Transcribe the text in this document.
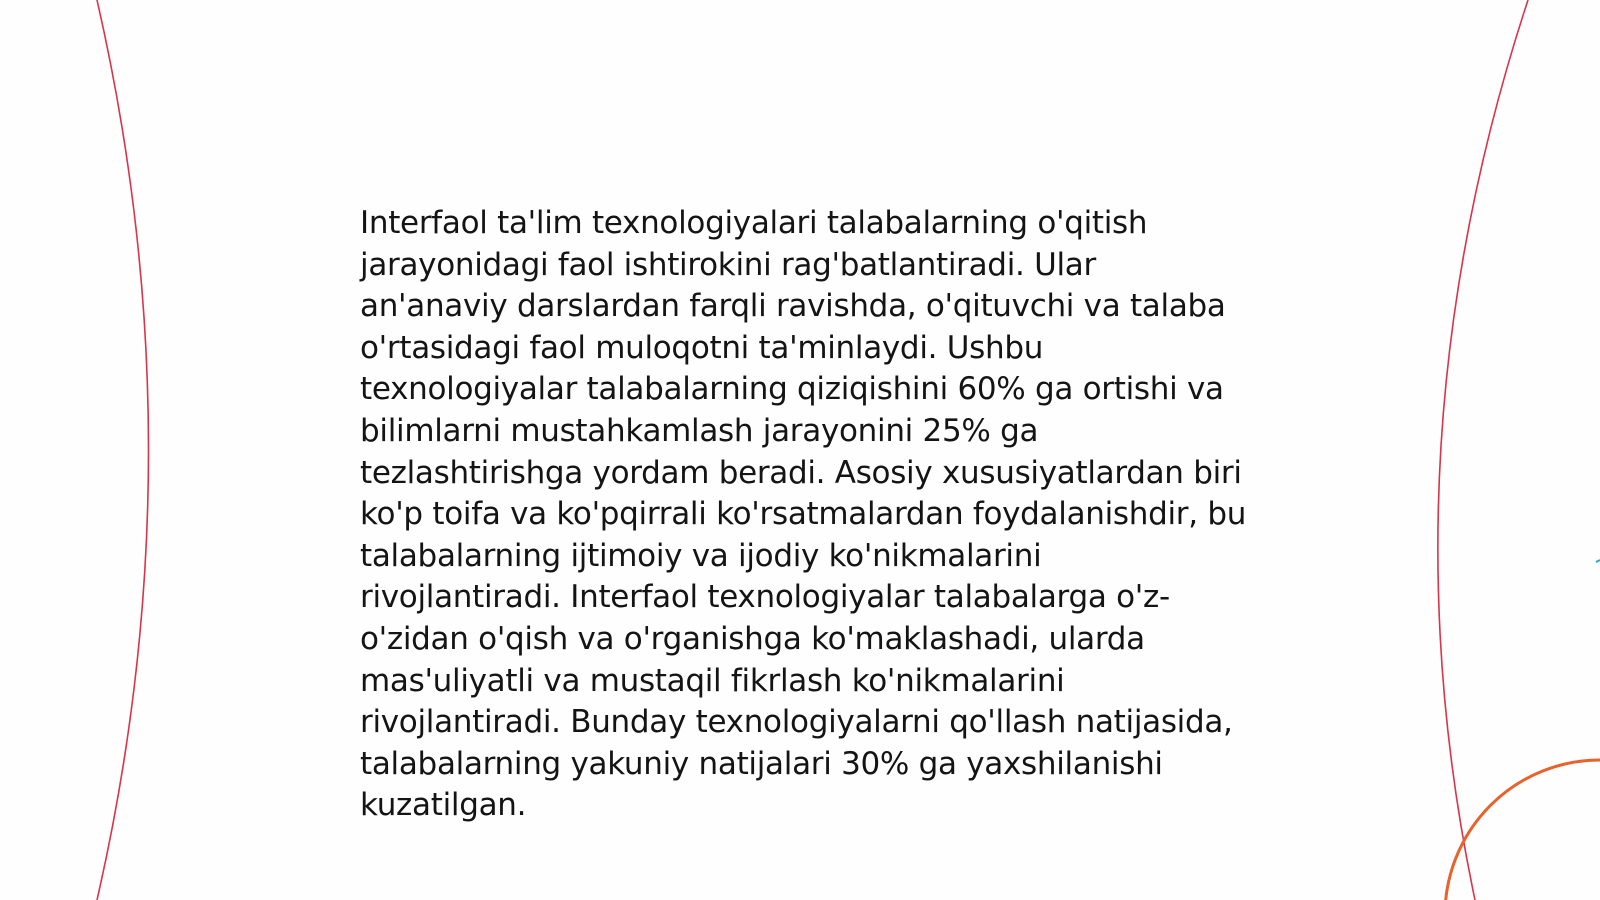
Interfaol ta'lim texnologiyalari talabalarning o'qitish jarayonidagi faol ishtirokini rag'batlantiradi. Ular an'anaviy darslardan farqli ravishda, o'qituvchi va talaba o'rtasidagi faol muloqotni ta'minlaydi. Ushbu texnologiyalar talabalarning qiziqishini 60% ga ortishi va bilimlarni mustahkamlash jarayonini 25% ga tezlashtirishga yordam beradi. Asosiy xususiyatlardan biri ko'p toifa va ko'pqirrali ko'rsatmalardan foydalanishdir, bu talabalarning ijtimoiy va ijodiy ko'nikmalarini rivojlantiradi. Interfaol texnologiyalar talabalarga o'z-o'zidan o'qish va o'rganishga ko'maklashadi, ularda mas'uliyatli va mustaqil fikrlash ko'nikmalarini rivojlantiradi. Bunday texnologiyalarni qo'llash natijasida, talabalarning yakuniy natijalari 30% ga yaxshilanishi kuzatilgan.
